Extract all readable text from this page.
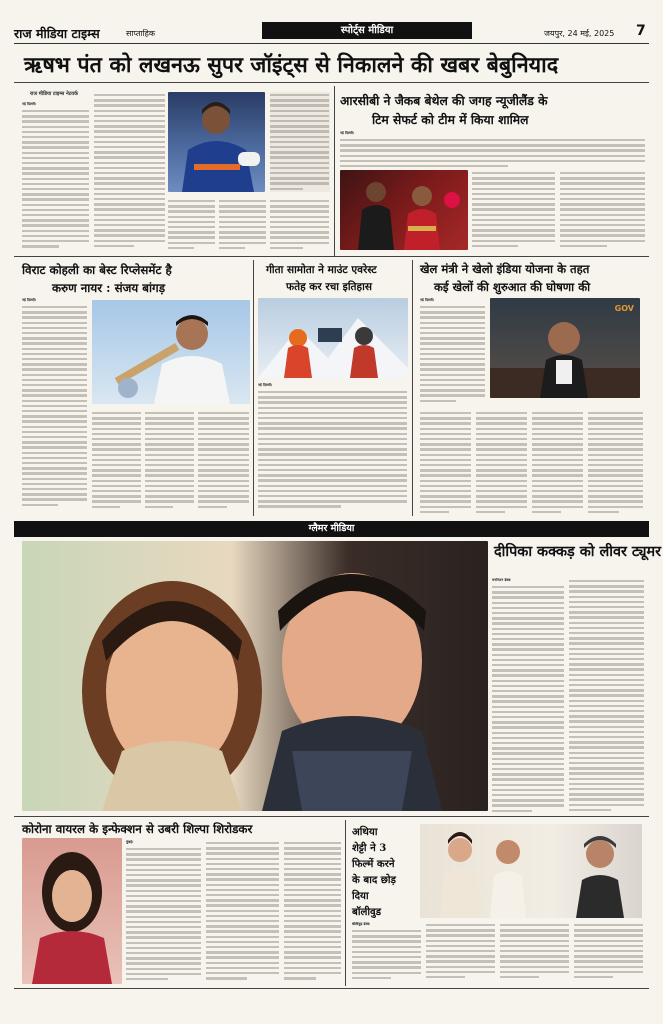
राज मीडिया टाइम्स	साप्ताहिक	स्पोर्ट्स मीडिया	जयपुर, 24 मई, 2025 7
ऋषभ पंत को लखनऊ सुपर जॉइंट्स से निकालने की खबर बेबुनियाद
राज मीडिया टाइम्स नेटवर्क
नई दिल्ली।	आरसीबी ने जैकब बेथेल की जगह न्यूजीलैंड के
टिम सेफर्ट को टीम में किया शामिल
नई दिल्ली।
विराट कोहली का बेस्ट रिप्लेसमेंट है
करुण नायर : संजय बांगड़
नई दिल्ली।
गीता सामोता ने माउंट एवरेस्ट
फतेह कर रचा इतिहास
नई दिल्ली।
खेल मंत्री ने खेलो इंडिया योजना के तहत
कई खेलों की शुरुआत की घोषणा की
नई दिल्ली।
GOV
ग्लैमर मीडिया
दीपिका कक्कड़ को लीवर ट्यूमर
मनोरंजन डेस्क
कोरोना वायरल के इन्फेक्शन से उबरी शिल्पा शिरोडकर
मुंबई।
अथिया
शेट्टी ने 3
फिल्में करने
के बाद छोड़
दिया
बॉलीवुड
बॉलीवुड डेस्क
